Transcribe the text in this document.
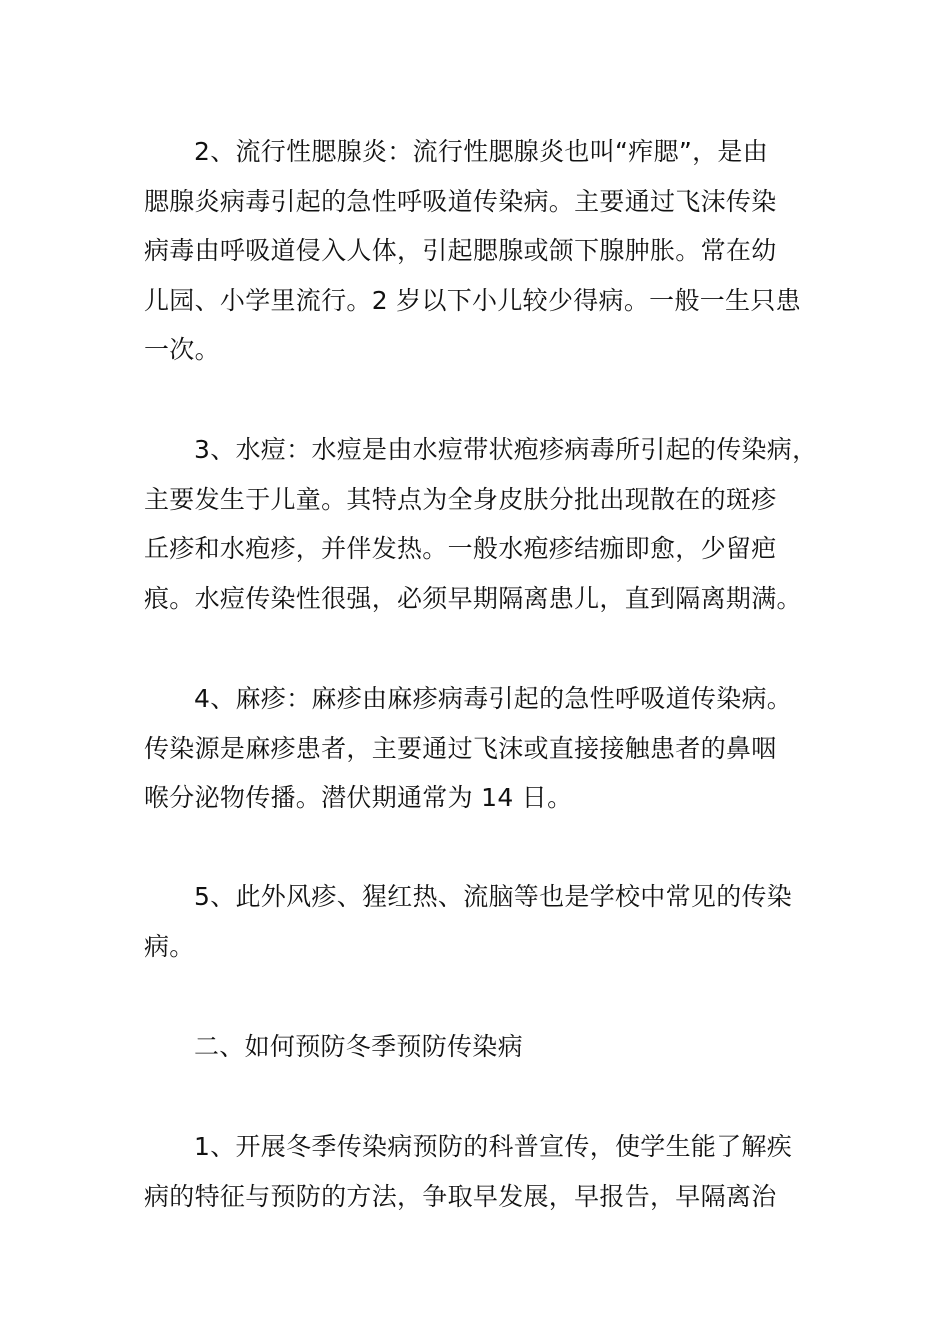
2、流行性腮腺炎：流行性腮腺炎也叫“痄腮”，是由
腮腺炎病毒引起的急性呼吸道传染病。主要通过飞沫传染
病毒由呼吸道侵入人体，引起腮腺或颌下腺肿胀。常在幼
儿园、小学里流行。2 岁以下小儿较少得病。一般一生只患
一次。
3、水痘：水痘是由水痘带状疱疹病毒所引起的传染病，
主要发生于儿童。其特点为全身皮肤分批出现散在的斑疹
丘疹和水疱疹，并伴发热。一般水疱疹结痂即愈，少留疤
痕。水痘传染性很强，必须早期隔离患儿，直到隔离期满。
4、麻疹：麻疹由麻疹病毒引起的急性呼吸道传染病。
传染源是麻疹患者，主要通过飞沫或直接接触患者的鼻咽
喉分泌物传播。潜伏期通常为 14 日。
5、此外风疹、猩红热、流脑等也是学校中常见的传染
病。
二、如何预防冬季预防传染病
1、开展冬季传染病预防的科普宣传，使学生能了解疾
病的特征与预防的方法，争取早发展，早报告，早隔离治
